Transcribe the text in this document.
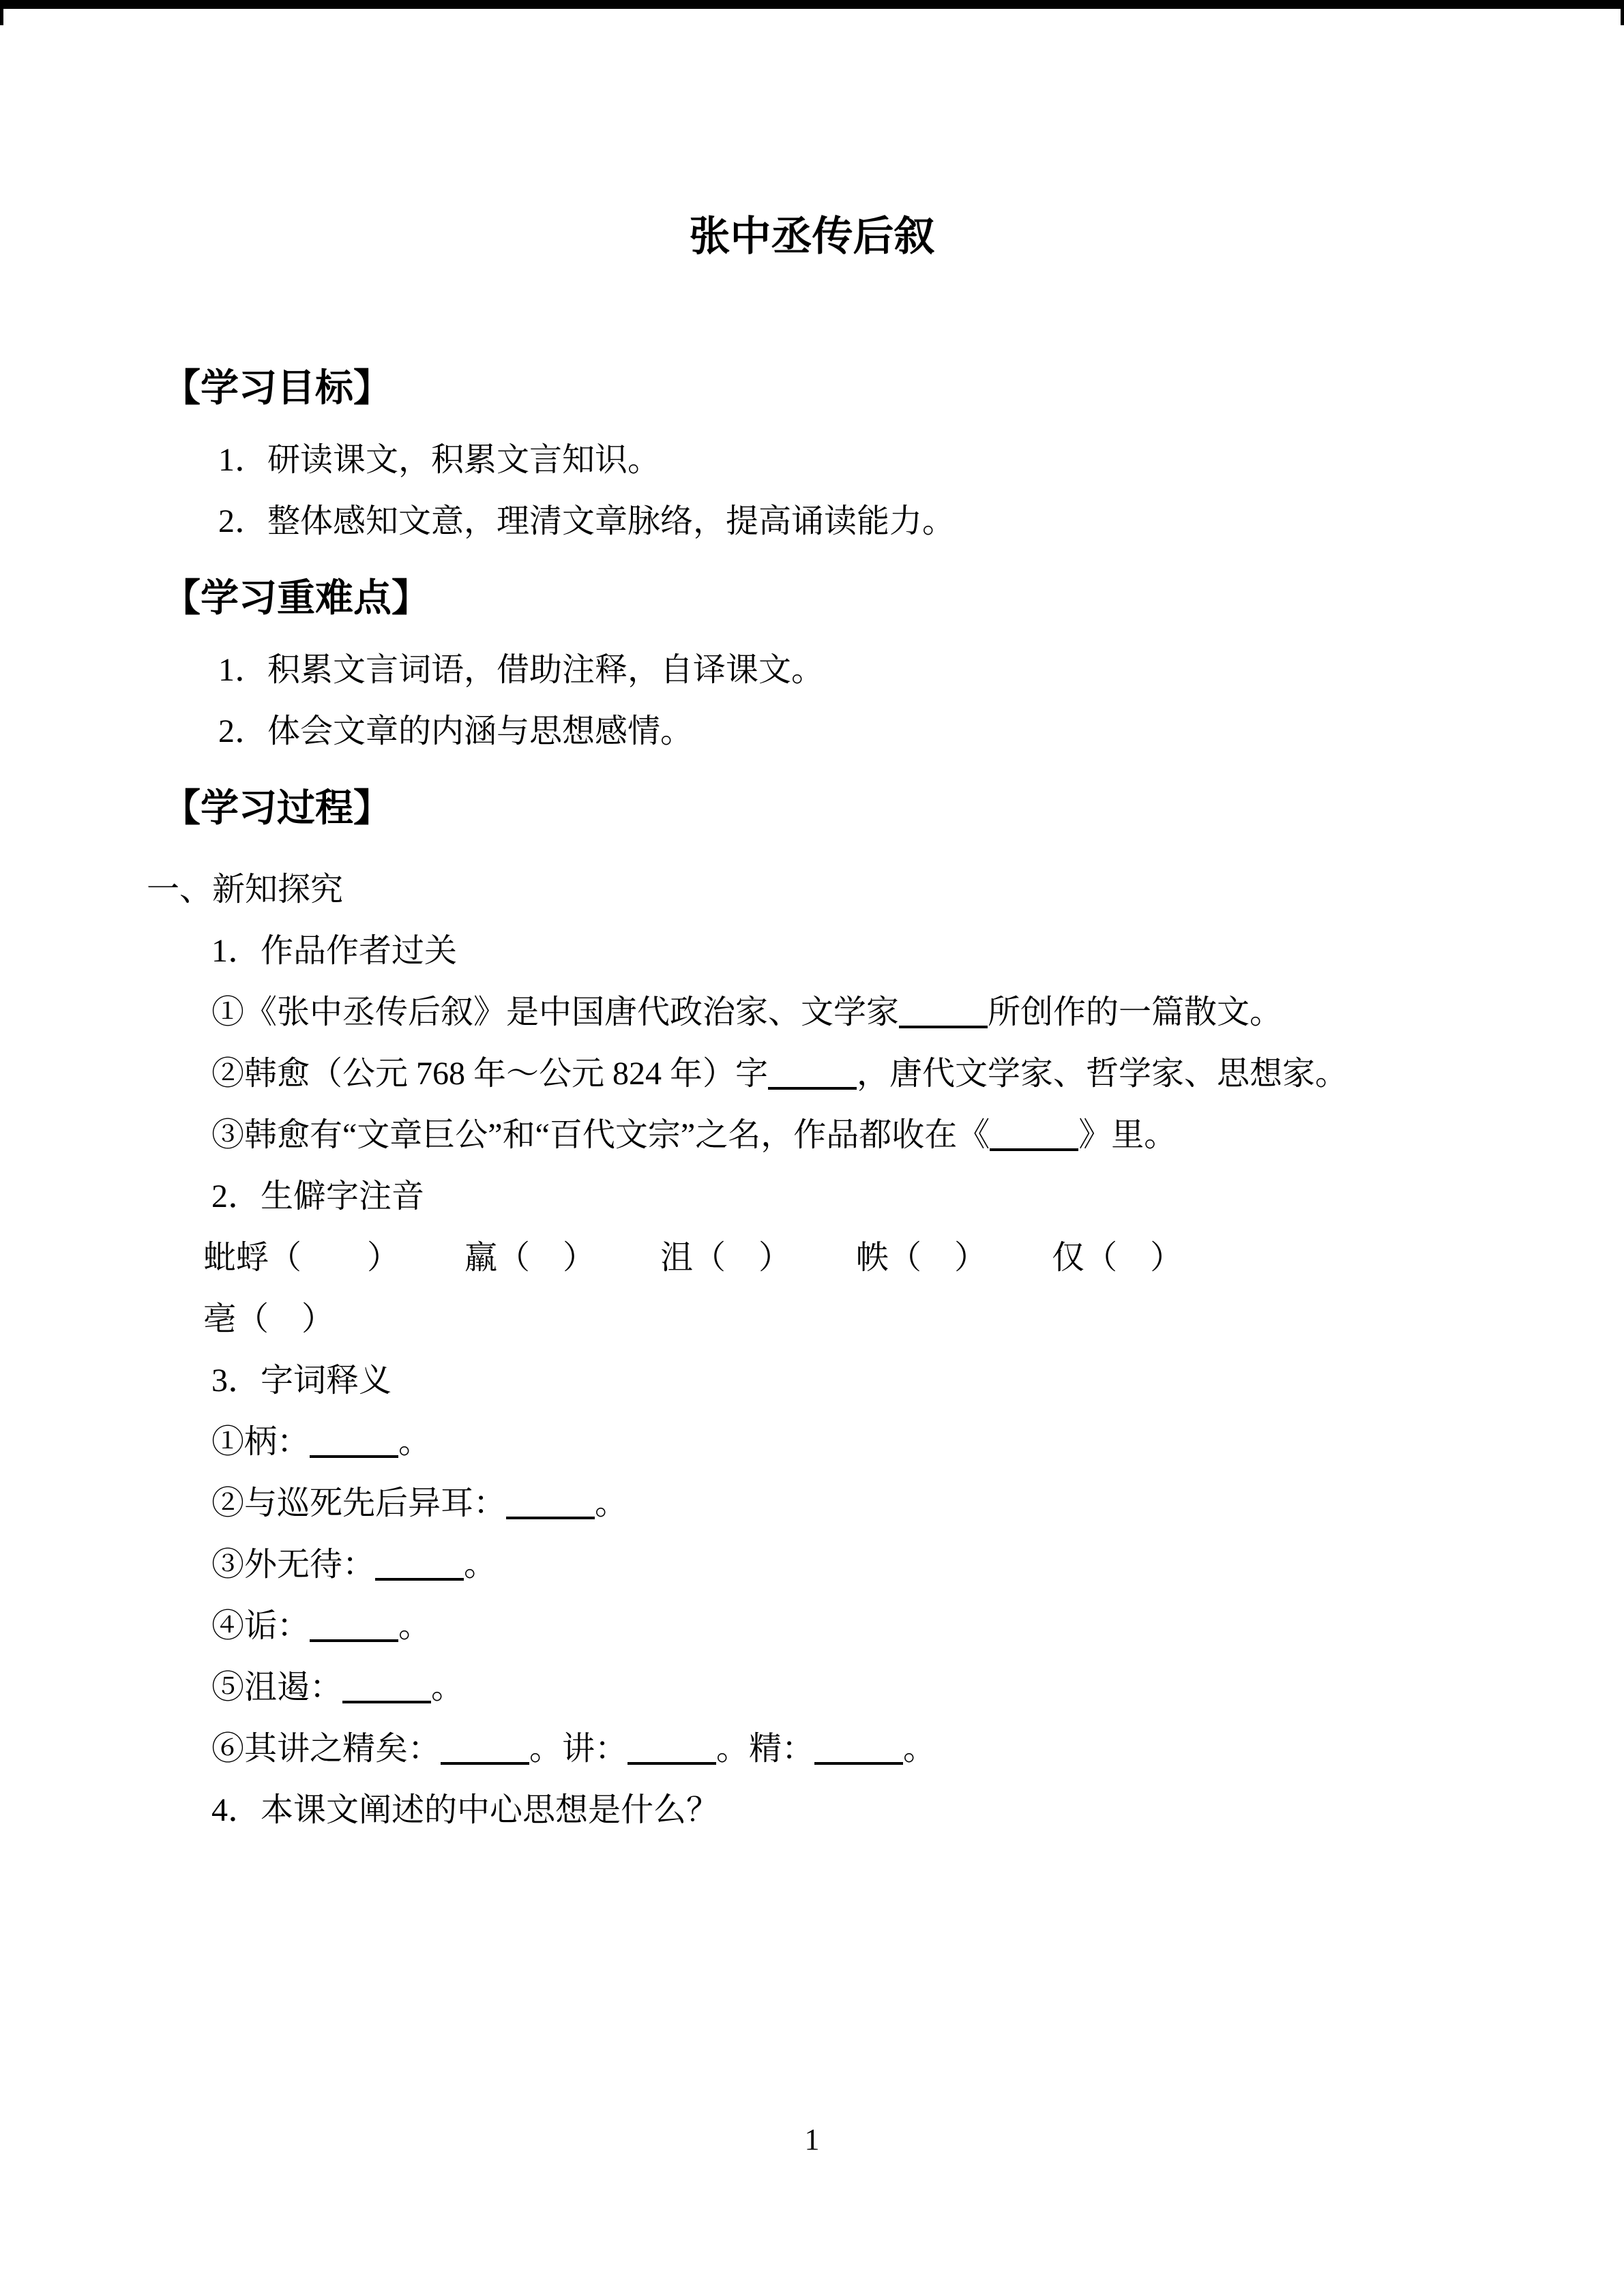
张中丞传后叙
【学习目标】
1．研读课文，积累文言知识。
2．整体感知文意，理清文章脉络，提高诵读能力。
【学习重难点】
1．积累文言词语，借助注释，自译课文。
2．体会文章的内涵与思想感情。
【学习过程】
一、新知探究
1．作品作者过关
①《张中丞传后叙》是中国唐代政治家、文学家	所创作的一篇散文。
②韩愈（公元 768 年～公元 824 年）字	，唐代文学家、哲学家、思想家。
③韩愈有“文章巨公”和“百代文宗”之名，作品都收在《	》里。
2．生僻字注音
蚍蜉（　　） 羸（　） 沮（　） 帙（　） 仅（　）
亳（　）
3．字词释义
①柄：	。
②与巡死先后异耳：	。
③外无待：	。
④诟：	。
⑤沮遏：	。
⑥其讲之精矣：	。讲：	。精：	。
4．本课文阐述的中心思想是什么？
1
